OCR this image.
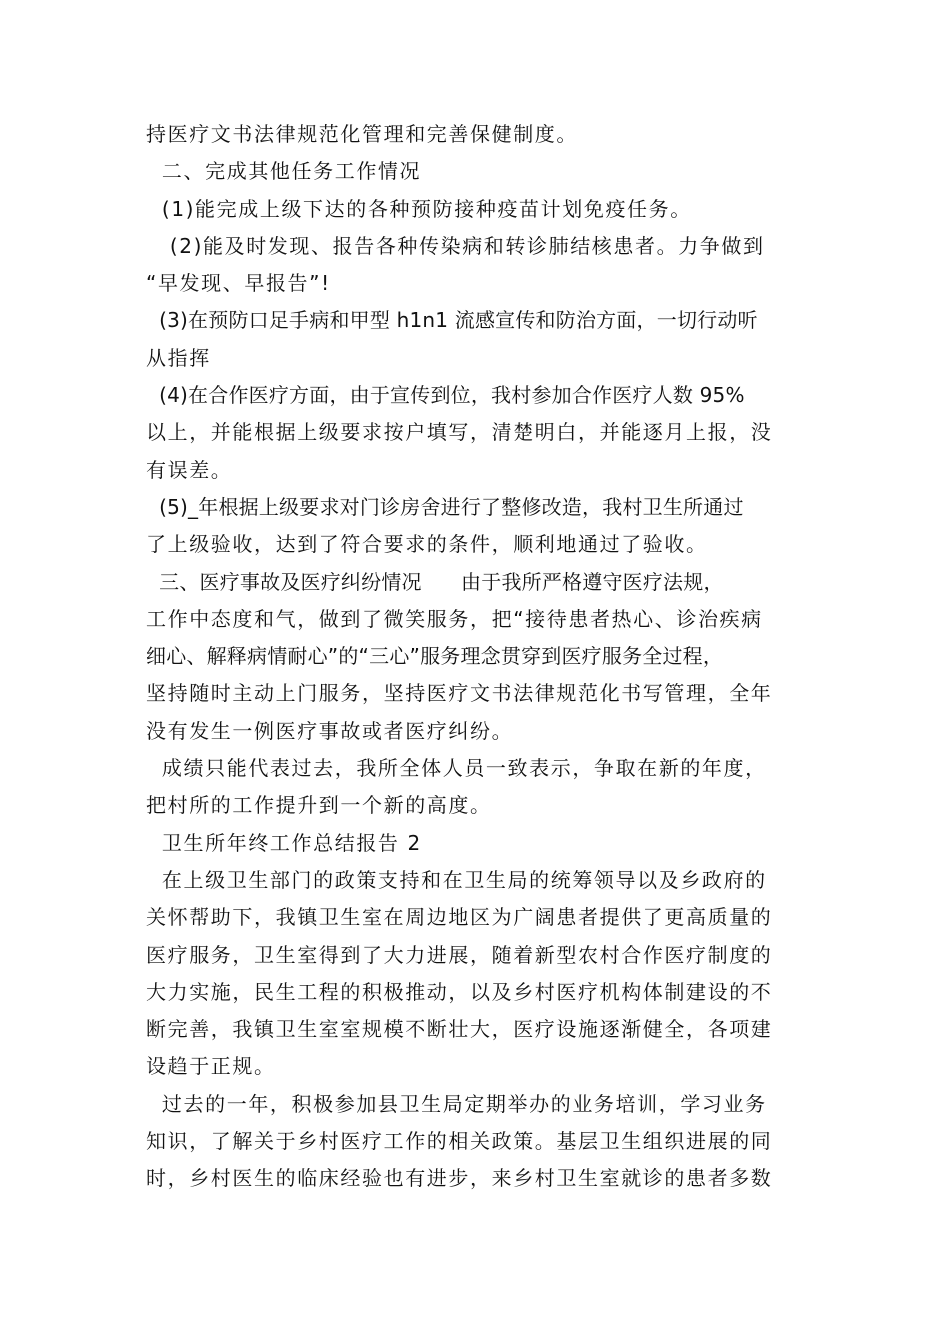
持医疗文书法律规范化管理和完善保健制度。
二、完成其他任务工作情况
(1)能完成上级下达的各种预防接种疫苗计划免疫任务。
(2)能及时发现、报告各种传染病和转诊肺结核患者。力争做到
“早发现、早报告”!
(3)在预防口足手病和甲型 h1n1 流感宣传和防治方面，一切行动听
从指挥
(4)在合作医疗方面，由于宣传到位，我村参加合作医疗人数 95%
以上，并能根据上级要求按户填写，清楚明白，并能逐月上报，没
有误差。
(5)_年根据上级要求对门诊房舍进行了整修改造，我村卫生所通过
了上级验收，达到了符合要求的条件，顺利地通过了验收。
三、医疗事故及医疗纠纷情况      由于我所严格遵守医疗法规，
工作中态度和气，做到了微笑服务，把“接待患者热心、诊治疾病
细心、解释病情耐心”的“三心”服务理念贯穿到医疗服务全过程，
坚持随时主动上门服务，坚持医疗文书法律规范化书写管理，全年
没有发生一例医疗事故或者医疗纠纷。
成绩只能代表过去，我所全体人员一致表示，争取在新的年度，
把村所的工作提升到一个新的高度。
卫生所年终工作总结报告 2
在上级卫生部门的政策支持和在卫生局的统筹领导以及乡政府的
关怀帮助下，我镇卫生室在周边地区为广阔患者提供了更高质量的
医疗服务，卫生室得到了大力进展，随着新型农村合作医疗制度的
大力实施，民生工程的积极推动，以及乡村医疗机构体制建设的不
断完善，我镇卫生室室规模不断壮大，医疗设施逐渐健全，各项建
设趋于正规。
过去的一年，积极参加县卫生局定期举办的业务培训，学习业务
知识，了解关于乡村医疗工作的相关政策。基层卫生组织进展的同
时，乡村医生的临床经验也有进步，来乡村卫生室就诊的患者多数
